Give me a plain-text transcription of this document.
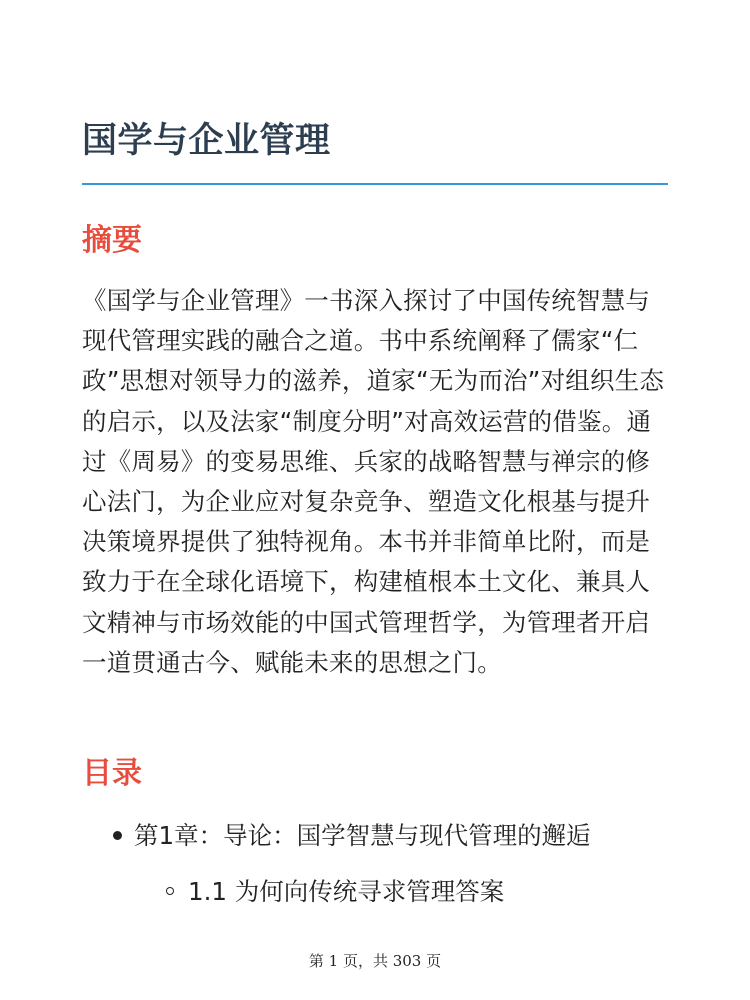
国学与企业管理
摘要

《国学与企业管理》一书深入探讨了中国传统智慧与现代管理实践的融合之道。书中系统阐释了儒家“仁政”思想对领导力的滋养，道家“无为而治”对组织生态的启示，以及法家“制度分明”对高效运营的借鉴。通过《周易》的变易思维、兵家的战略智慧与禅宗的修心法门，为企业应对复杂竞争、塑造文化根基与提升决策境界提供了独特视角。本书并非简单比附，而是致力于在全球化语境下，构建植根本土文化、兼具人文精神与市场效能的中国式管理哲学，为管理者开启一道贯通古今、赋能未来的思想之门。

目录
第1章：导论：国学智慧与现代管理的邂逅
1.1 为何向传统寻求管理答案
第 1 页，共 303 页
